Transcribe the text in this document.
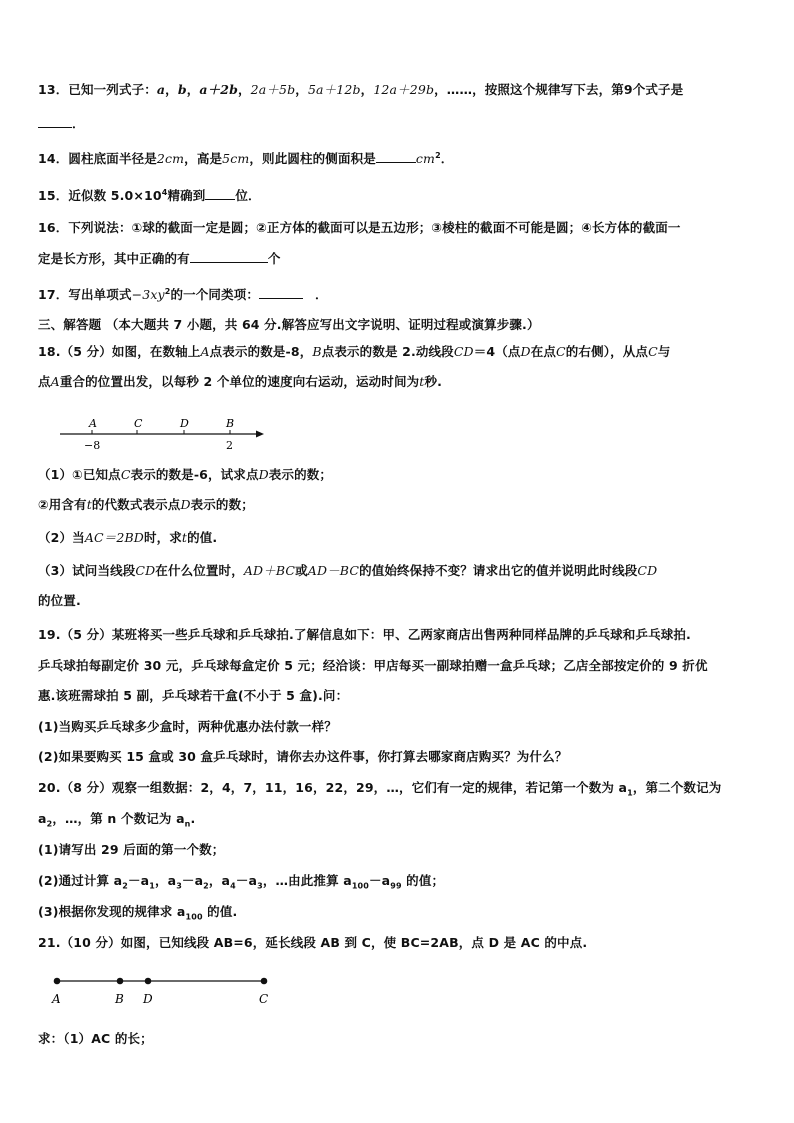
13．已知一列式子：a，b，a＋2b，2a＋5b，5a＋12b，12a＋29b，……，按照这个规律写下去，第9个式子是
．
14．圆柱底面半径是2cm，高是5cm，则此圆柱的侧面积是	$cm^2$．
15．近似数 $5.0\times 10^4$精确到 位．
16．下列说法：①球的截面一定是圆；②正方体的截面可以是五边形；③棱柱的截面不可能是圆；④长方体的截面一
定是长方形，其中正确的有	个
17．写出单项式$-3xy^2$的一个同类项：	．
三、解答题 （本大题共 7 小题，共 64 分.解答应写出文字说明、证明过程或演算步骤.）
18.（5 分）如图，在数轴上A点表示的数是-8，B点表示的数是 2.动线段CD＝4（点D在点C的右侧），从点C与
点A重合的位置出发，以每秒 2 个单位的速度向右运动，运动时间为t秒.
A	C	D	B
−8	2
（1）①已知点C表示的数是-6，试求点D表示的数；
②用含有t的代数式表示点D表示的数；
（2）当AC＝2BD时，求t的值.
（3）试问当线段CD在什么位置时，AD＋BC或AD－BC的值始终保持不变？请求出它的值并说明此时线段CD
的位置.
19.（5 分）某班将买一些乒乓球和乒乓球拍.了解信息如下：甲、乙两家商店出售两种同样品牌的乒乓球和乒乓球拍.
乒乓球拍每副定价 30 元，乒乓球每盒定价 5 元；经洽谈：甲店每买一副球拍赠一盒乒乓球；乙店全部按定价的 9 折优
惠.该班需球拍 5 副，乒乓球若干盒(不小于 5 盒).问：
(1)当购买乒乓球多少盒时，两种优惠办法付款一样？
(2)如果要购买 15 盒或 30 盒乒乓球时，请你去办这件事，你打算去哪家商店购买？为什么？
20.（8 分）观察一组数据：2，4，7，11，16，22，29，…，它们有一定的规律，若记第一个数为 $a_1$，第二个数记为
$a_2$，…，第 n 个数记为 $a_n$.
(1)请写出 29 后面的第一个数；
(2)通过计算 $a_2-a_1$，$a_3-a_2$，$a_4-a_3$，…由此推算 $a_{100}-a_{99}$ 的值；
(3)根据你发现的规律求 $a_{100}$ 的值.
21.（10 分）如图，已知线段 AB=6，延长线段 AB 到 C，使 BC=2AB，点 D 是 AC 的中点.
A	B D	C
求：（1）AC 的长；
